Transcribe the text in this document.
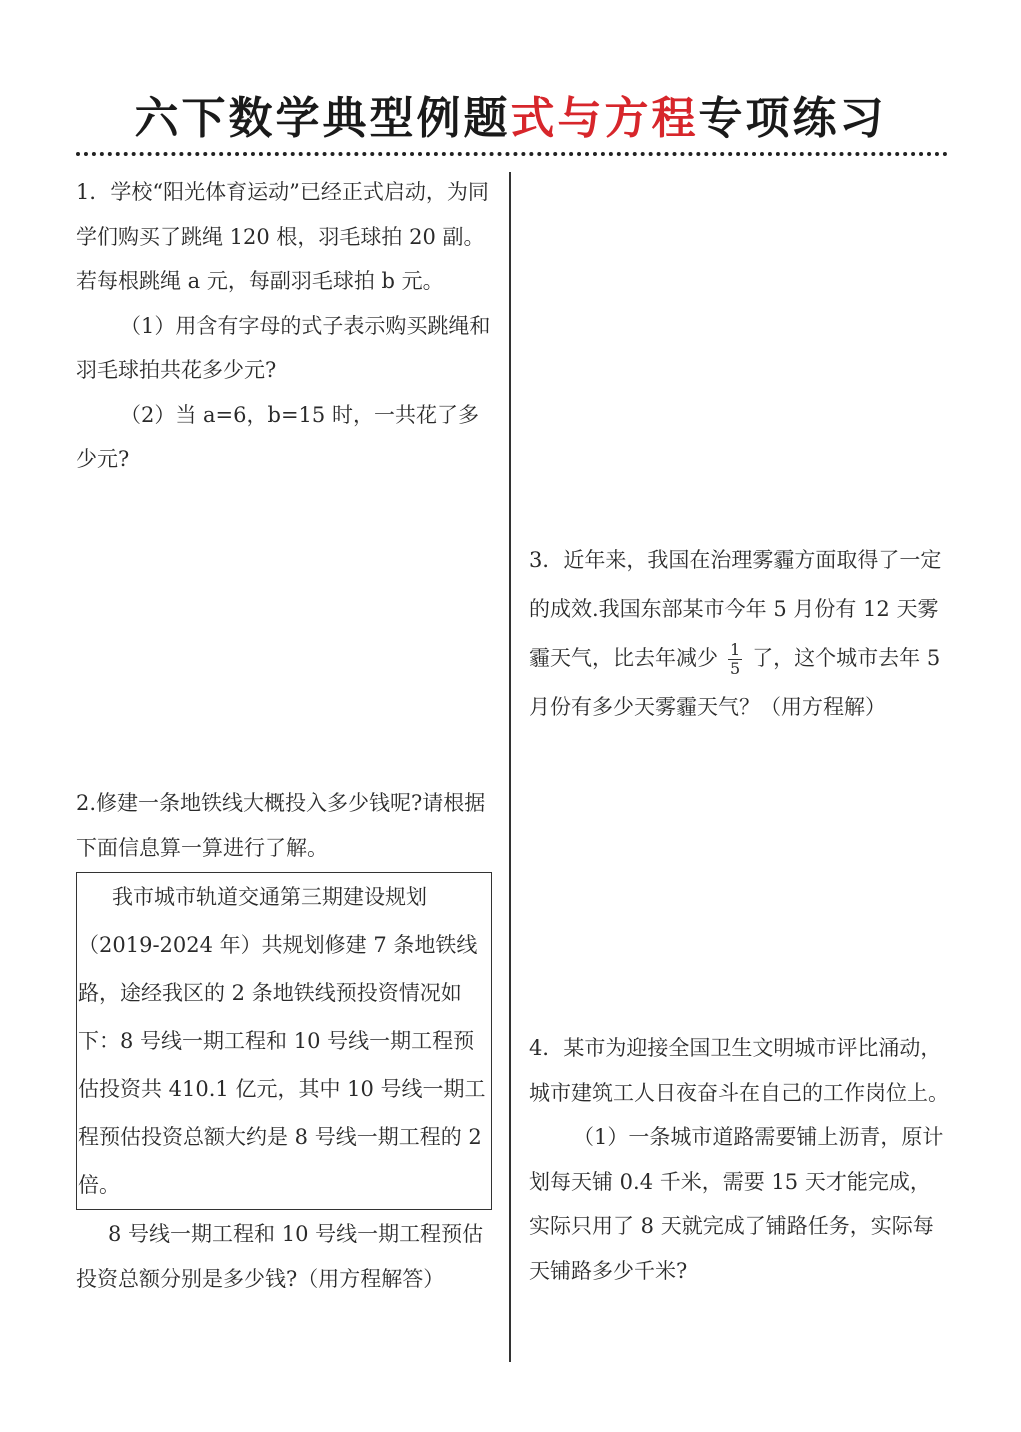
六下数学典型例题式与方程专项练习

1．学校“阳光体育运动”已经正式启动，为同学们购买了跳绳 120 根，羽毛球拍 20 副。若每根跳绳 a 元，每副羽毛球拍 b 元。

（1）用含有字母的式子表示购买跳绳和羽毛球拍共花多少元?

（2）当 a=6，b=15 时，一共花了多少元?

2.修建一条地铁线大概投入多少钱呢?请根据下面信息算一算进行了解。

我市城市轨道交通第三期建设规划（2019-2024 年）共规划修建 7 条地铁线路，途经我区的 2 条地铁线预投资情况如下：8 号线一期工程和 10 号线一期工程预估投资共 410.1 亿元，其中 10 号线一期工程预估投资总额大约是 8 号线一期工程的 2 倍。

8 号线一期工程和 10 号线一期工程预估投资总额分别是多少钱?（用方程解答）

3．近年来，我国在治理雾霾方面取得了一定的成效.我国东部某市今年 5 月份有 12 天雾霾天气，比去年减少 $\frac{1}{5}$ 了，这个城市去年 5 月份有多少天雾霾天气？（用方程解）

4．某市为迎接全国卫生文明城市评比涌动，城市建筑工人日夜奋斗在自己的工作岗位上。

（1）一条城市道路需要铺上沥青，原计划每天铺 0.4 千米，需要 15 天才能完成，实际只用了 8 天就完成了铺路任务，实际每天铺路多少千米?
